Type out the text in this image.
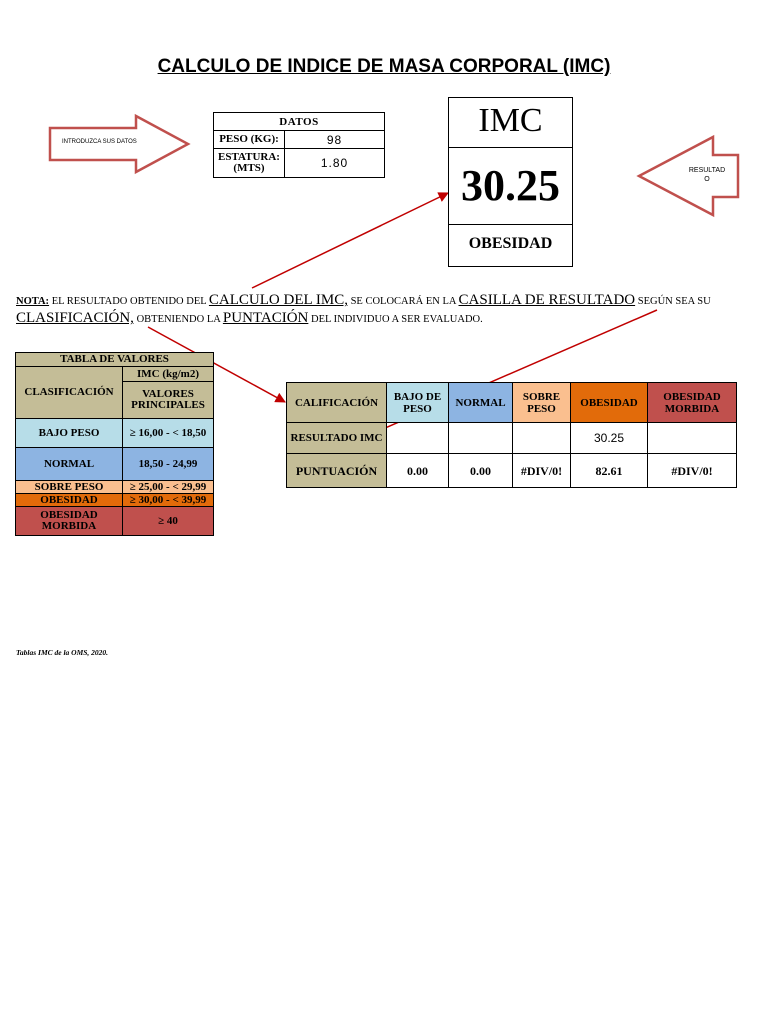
CALCULO DE INDICE DE MASA CORPORAL (IMC)
INTRODUZCA SUS DATOS
RESULTAD
O
DATOS	
PESO (KG):	98

ESTATURA:
(MTS)	1.80
IMC
30.25
OBESIDAD
NOTA: EL RESULTADO OBTENIDO DEL CALCULO DEL IMC, SE COLOCARÁ EN LA CASILLA DE RESULTADO SEGÚN SEA SU CLASIFICACIÓN, OBTENIENDO LA PUNTACIÓN DEL INDIVIDUO A SER EVALUADO.
TABLA DE VALORES	
CLASIFICACIÓN	IMC (kg/m2)
	VALORES PRINCIPALES
BAJO PESO	≥ 16,00 - < 18,50
NORMAL	18,50 - 24,99
SOBRE PESO	≥ 25,00 - < 29,99
OBESIDAD	≥ 30,00 - < 39,99
OBESIDAD MORBIDA	≥ 40
CALIFICACIÓN	BAJO DE PESO	NORMAL	SOBRE PESO	OBESIDAD	OBESIDAD MORBIDA
RESULTADO IMC				30.25	
PUNTUACIÓN	0.00	0.00	#DIV/0!	82.61	#DIV/0!
Tablas IMC de la OMS, 2020.
